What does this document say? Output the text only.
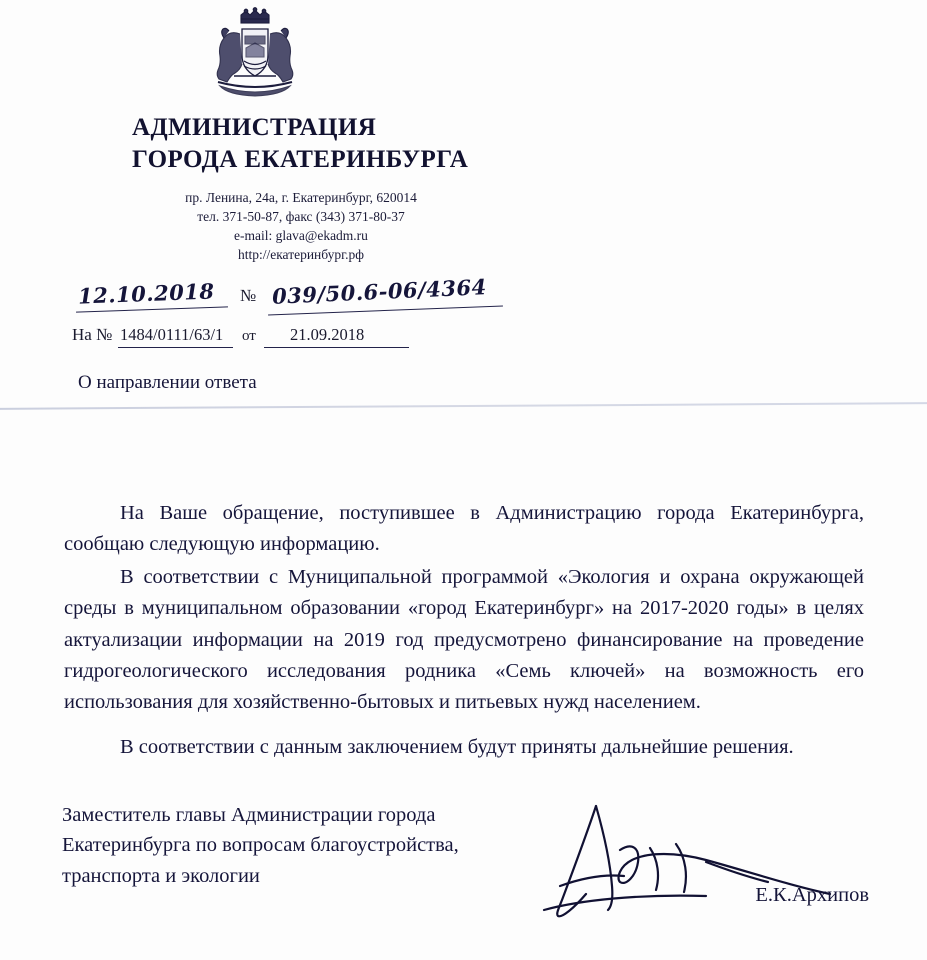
АДМИНИСТРАЦИЯ
ГОРОДА ЕКАТЕРИНБУРГА
пр. Ленина, 24а, г. Екатеринбург, 620014
тел. 371-50-87, факс (343) 371-80-37
e-mail: glava@ekadm.ru
http://екатеринбург.рф
12.10.2018 № 039/50.6-06/4364
На № 1484/0111/63/1 от 21.09.2018
О направлении ответа

На Ваше обращение, поступившее в Администрацию города Екатеринбурга, сообщаю следующую информацию.

В соответствии с Муниципальной программой «Экология и охрана окружающей среды в муниципальном образовании «город Екатеринбург» на 2017-2020 годы» в целях актуализации информации на 2019 год предусмотрено финансирование на проведение гидрогеологического исследования родника «Семь ключей» на возможность его использования для хозяйственно-бытовых и питьевых нужд населением.

В соответствии с данным заключением будут приняты дальнейшие решения.

Заместитель главы Администрации города
Екатеринбурга по вопросам благоустройства,
транспорта и экологии
Е.К.Архипов
